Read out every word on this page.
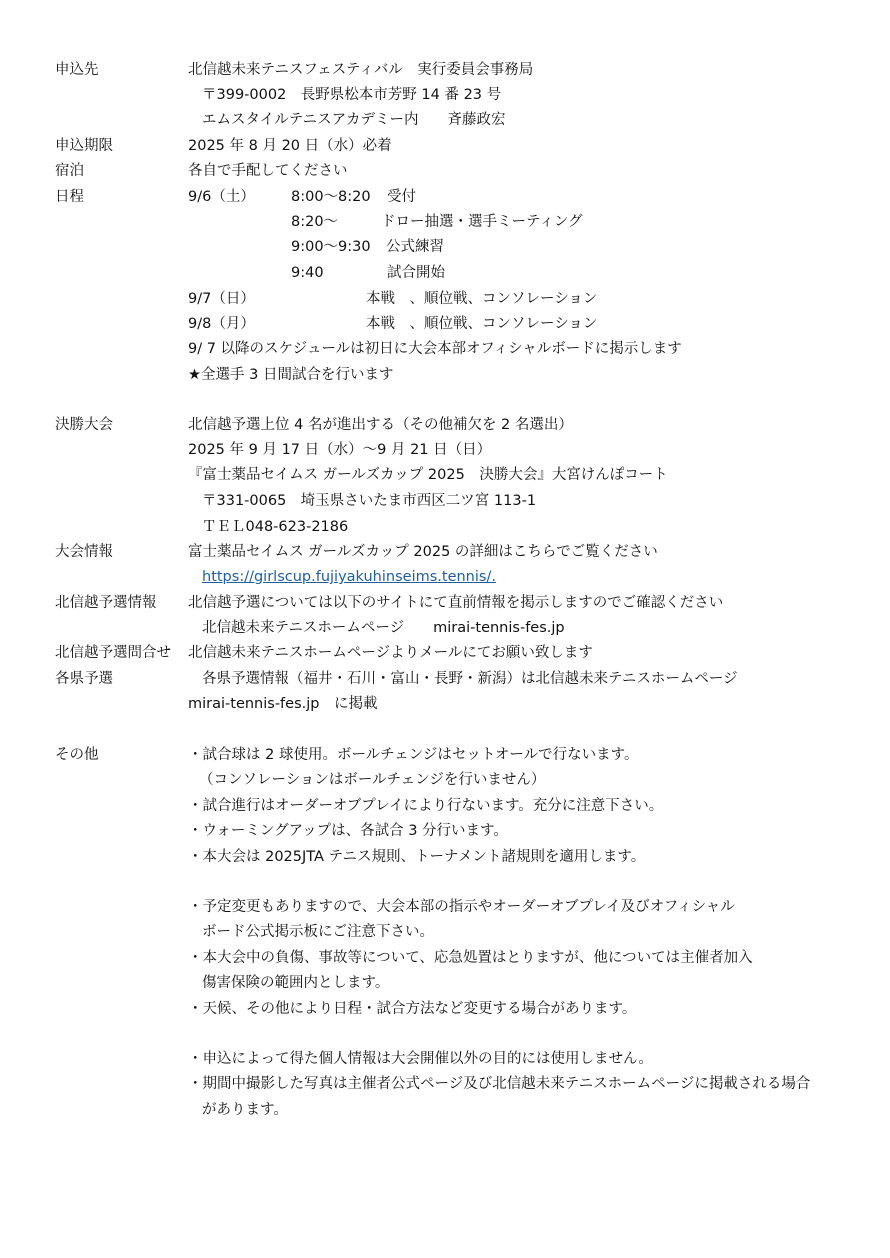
申込先	北信越未来テニスフェスティバル　実行委員会事務局
〒399-0002　長野県松本市芳野 14 番 23 号
エムスタイルテニスアカデミー内　　斉藤政宏
申込期限	2025 年 8 月 20 日（水）必着
宿泊	各自で手配してください
日程	9/6（土） 8:00〜8:20 受付
8:20〜	ドロー抽選・選手ミーティング
9:00〜9:30 公式練習
9:40	試合開始
9/7（日）	本戦　、順位戦、コンソレーション
9/8（月）	本戦　、順位戦、コンソレーション
9/ 7 以降のスケジュールは初日に大会本部オフィシャルボードに掲示します
★全選手 3 日間試合を行います
決勝大会	北信越予選上位 4 名が進出する（その他補欠を 2 名選出）
2025 年 9 月 17 日（水）〜9 月 21 日（日）
『富士薬品セイムス ガールズカップ 2025　決勝大会』大宮けんぽコート
〒331-0065　埼玉県さいたま市西区二ツ宮 113-1
ＴＥＬ048-623-2186
大会情報	富士薬品セイムス ガールズカップ 2025 の詳細はこちらでご覧ください
https://girlscup.fujiyakuhinseims.tennis/.
北信越予選情報 北信越予選については以下のサイトにて直前情報を掲示しますのでご確認ください
北信越未来テニスホームページ　　mirai-tennis-fes.jp
北信越予選問合せ 北信越未来テニスホームページよりメールにてお願い致します
各県予選	各県予選情報（福井・石川・富山・長野・新潟）は北信越未来テニスホームページ
mirai-tennis-fes.jp　に掲載
その他	・試合球は 2 球使用。ボールチェンジはセットオールで行ないます。
（コンソレーションはボールチェンジを行いません）
・試合進行はオーダーオブプレイにより行ないます。充分に注意下さい。
・ウォーミングアップは、各試合 3 分行います。
・本大会は 2025JTA テニス規則、トーナメント諸規則を適用します。
・予定変更もありますので、大会本部の指示やオーダーオブプレイ及びオフィシャル
ボード公式掲示板にご注意下さい。
・本大会中の負傷、事故等について、応急処置はとりますが、他については主催者加入
傷害保険の範囲内とします。
・天候、その他により日程・試合方法など変更する場合があります。
・申込によって得た個人情報は大会開催以外の目的には使用しません。
・期間中撮影した写真は主催者公式ページ及び北信越未来テニスホームページに掲載される場合
があります。
